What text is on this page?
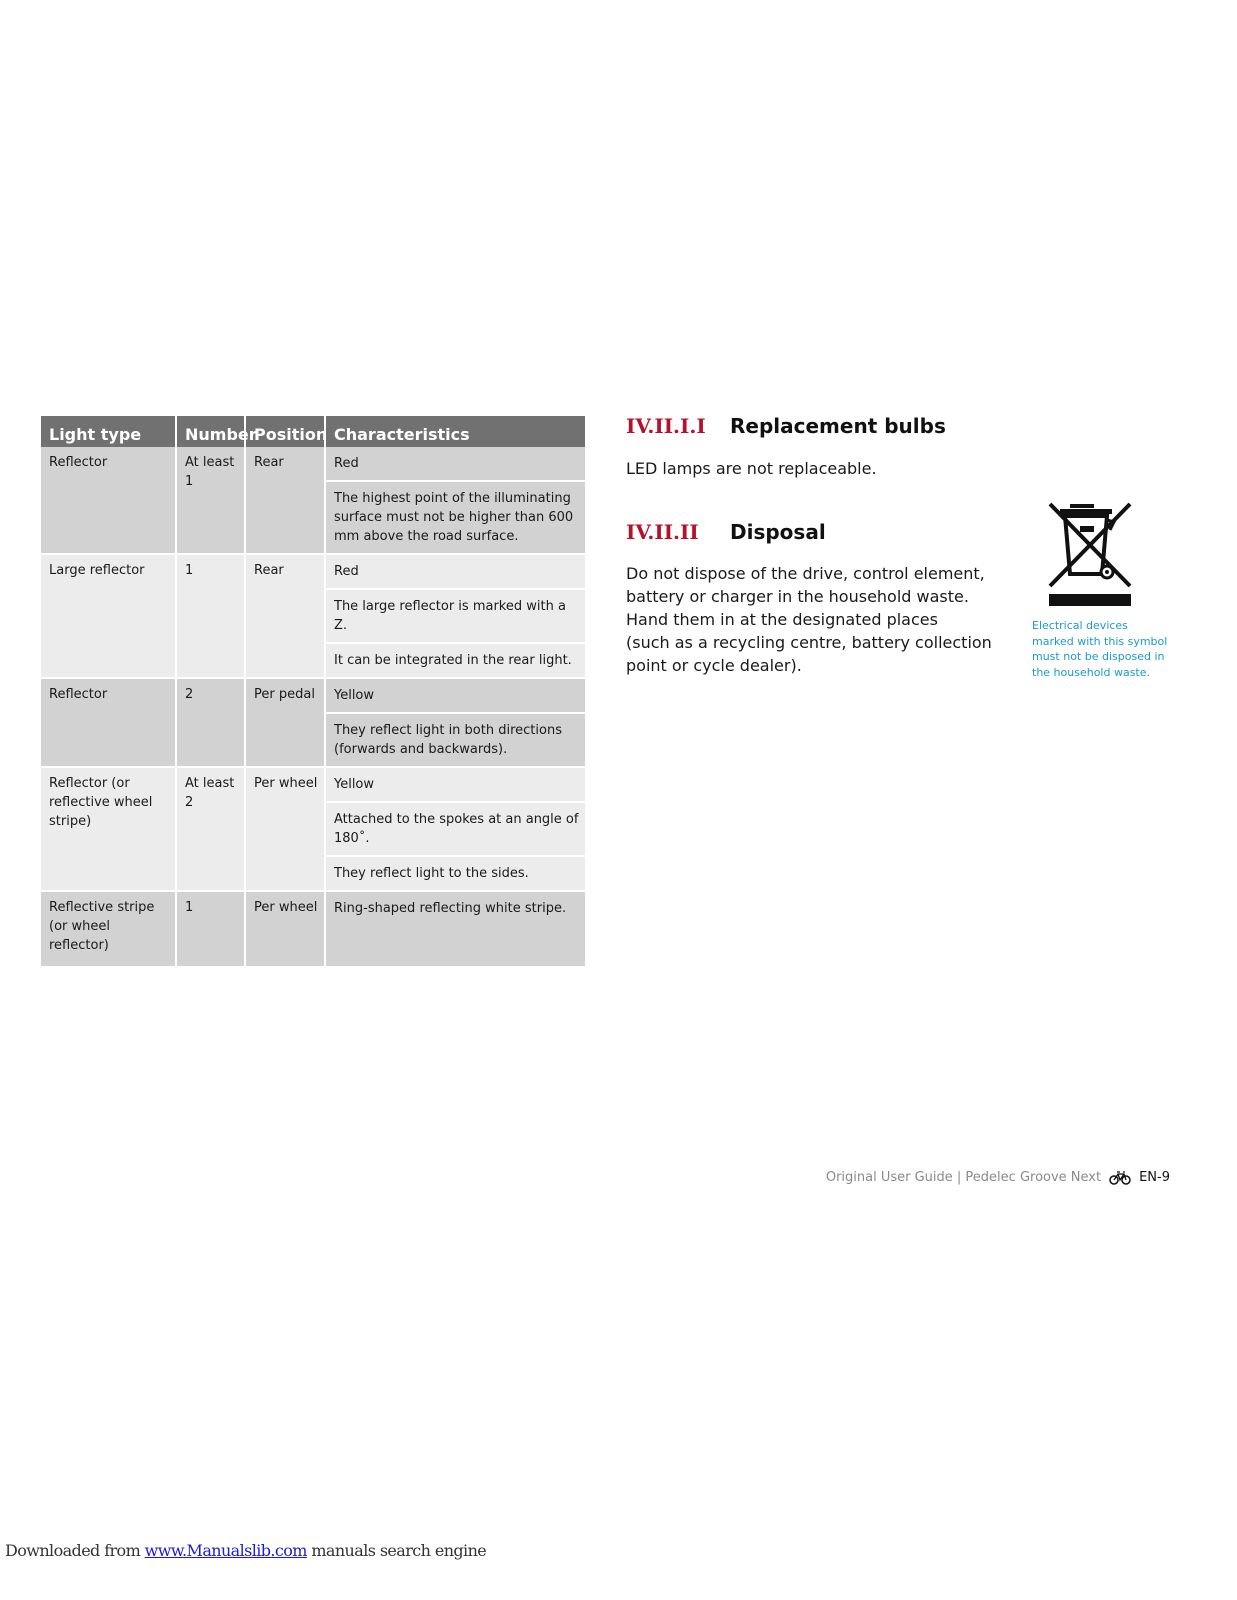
Light type	Number	Position	Characteristics
Reflector	At least 1	Rear	Red
			The highest point of the illuminating surface must not be higher than 600 mm above the road surface.
Large reflector	1	Rear	Red
			The large reflector is marked with a Z.
			It can be integrated in the rear light.
Reflector	2	Per pedal	Yellow
			They reflect light in both directions (forwards and backwards).
Reflector (or reflective wheel stripe)	At least 2	Per wheel	Yellow
			Attached to the spokes at an angle of 180˚.
			They reflect light to the sides.
Reflective stripe (or wheel reflector)	1	Per wheel	Ring-shaped reflecting white stripe.
IV.II.I.I Replacement bulbs
LED lamps are not replaceable.
IV.II.II Disposal
Do not dispose of the drive, control element, battery or charger in the household waste.
Hand them in at the designated places
(such as a recycling centre, battery collection point or cycle dealer).
Electrical devices marked with this symbol must not be disposed in the household waste.
Original User Guide | Pedelec Groove Next	EN-9
Downloaded from www.Manualslib.com manuals search engine
